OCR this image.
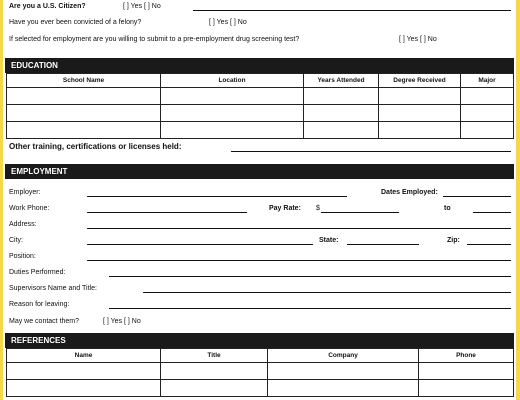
Are you a U.S. Citizen?	[ ] Yes [ ] No
Have you ever been convicted of a felony?	[ ] Yes [ ] No
If selected for employment are you willing to submit to a pre-employment drug screening test?	[ ] Yes [ ] No
EDUCATION
School Name	Location	Years Attended	Degree Received	Major

Other training, certifications or licenses held:
EMPLOYMENT
Employer:	Dates Employed:
Work Phone:	Pay Rate: $	to
Address:
City:	State:	Zip:
Position:
Duties Performed:
Supervisors Name and Title:
Reason for leaving:
May we contact them?	[ ] Yes [ ] No
REFERENCES
Name	Title	Company	Phone
